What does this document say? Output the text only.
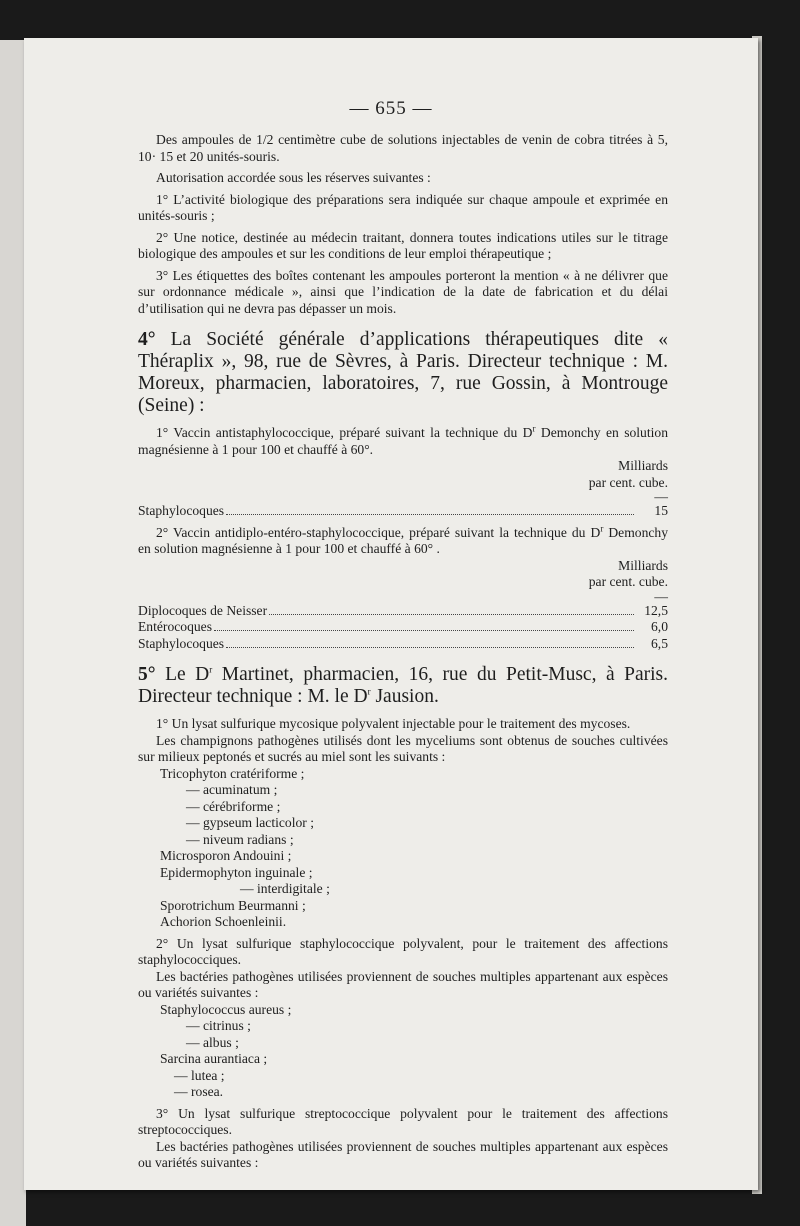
— 655 —

Des ampoules de 1/2 centimètre cube de solutions injectables de venin de cobra titrées à 5, 10· 15 et 20 unités-souris.

Autorisation accordée sous les réserves suivantes :

1° L’activité biologique des préparations sera indiquée sur chaque ampoule et exprimée en unités-souris ;

2° Une notice, destinée au médecin traitant, donnera toutes indications utiles sur le titrage biologique des ampoules et sur les conditions de leur emploi thérapeutique ;

3° Les étiquettes des boîtes contenant les ampoules porteront la mention « à ne délivrer que sur ordonnance médicale », ainsi que l’indication de la date de fabrication et du délai d’utilisation qui ne devra pas dépasser un mois.

4° La Société générale d’applications thérapeutiques dite « Théraplix », 98, rue de Sèvres, à Paris. Directeur technique : M. Moreux, pharmacien, laboratoires, 7, rue Gossin, à Montrouge (Seine) :

1° Vaccin antistaphylococcique, préparé suivant la technique du $D^r$ Demonchy en solution magnésienne à 1 pour 100 et chauffé à 60°.

Milliards
par cent. cube.
—
Staphylocoques	15

2° Vaccin antidiplo-entéro-staphylococcique, préparé suivant la technique du $D^r$ Demonchy en solution magnésienne à 1 pour 100 et chauffé à 60° .

Milliards
par cent. cube.
—
Diplocoques de Neisser	12,5
Entérocoques	6,0
Staphylocoques	6,5
5° Le $D^r$ Martinet, pharmacien, 16, rue du Petit-Musc, à Paris. Directeur technique : M. le $D^r$ Jausion.

1° Un lysat sulfurique mycosique polyvalent injectable pour le traitement des mycoses.

Les champignons pathogènes utilisés dont les myceliums sont obtenus de souches cultivées sur milieux peptonés et sucrés au miel sont les suivants :

Tricophyton cratériforme ;
— acuminatum ;
— cérébriforme ;
— gypseum lacticolor ;
— niveum radians ;
Microsporon Andouini ;
Epidermophyton inguinale ;
— interdigitale ;
Sporotrichum Beurmanni ;
Achorion Schoenleinii.

2° Un lysat sulfurique staphylococcique polyvalent, pour le traitement des affections staphylococciques.

Les bactéries pathogènes utilisées proviennent de souches multiples appartenant aux espèces ou variétés suivantes :

Staphylococcus aureus ;
— citrinus ;
— albus ;
Sarcina aurantiaca ;
— lutea ;
— rosea.

3° Un lysat sulfurique streptococcique polyvalent pour le traitement des affections streptococciques.

Les bactéries pathogènes utilisées proviennent de souches multiples appartenant aux espèces ou variétés suivantes :
